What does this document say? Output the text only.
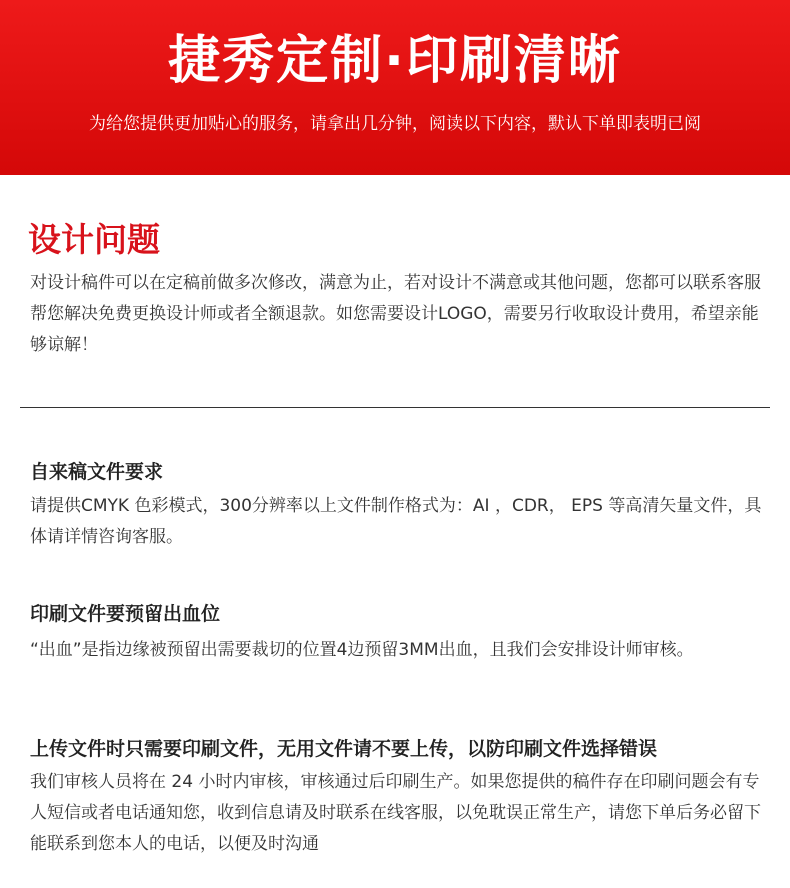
捷秀定制·印刷清晰
为给您提供更加贴心的服务，请拿出几分钟，阅读以下内容，默认下单即表明已阅
设计问题
对设计稿件可以在定稿前做多次修改，满意为止，若对设计不满意或其他问题，您都可以联系客服帮您解决免费更换设计师或者全额退款。如您需要设计LOGO，需要另行收取设计费用，希望亲能够谅解！
自来稿文件要求
请提供CMYK 色彩模式，300分辨率以上文件制作格式为：AI ，CDR， EPS 等高清矢量文件，具体请详情咨询客服。
印刷文件要预留出血位
“出血”是指边缘被预留出需要裁切的位置4边预留3MM出血，且我们会安排设计师审核。
上传文件时只需要印刷文件，无用文件请不要上传，以防印刷文件选择错误
我们审核人员将在 24 小时内审核，审核通过后印刷生产。如果您提供的稿件存在印刷问题会有专人短信或者电话通知您，收到信息请及时联系在线客服，以免耽误正常生产，请您下单后务必留下能联系到您本人的电话，以便及时沟通
